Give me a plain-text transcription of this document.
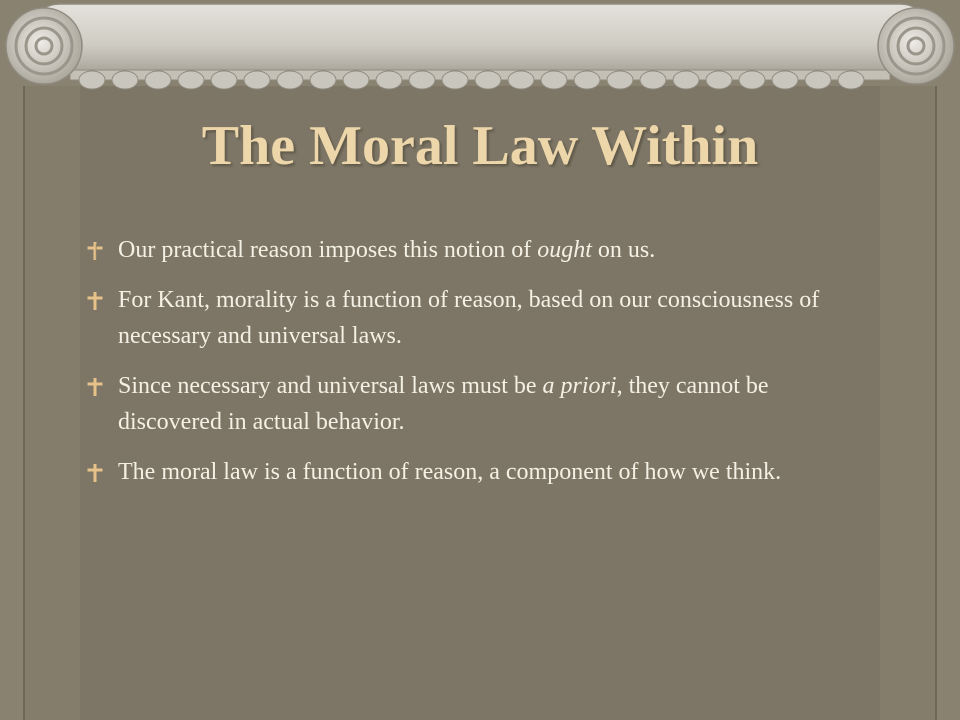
The Moral Law Within
Our practical reason imposes this notion of ought on us.
For Kant, morality is a function of reason, based on our consciousness of necessary and universal laws.
Since necessary and universal laws must be a priori, they cannot be discovered in actual behavior.
The moral law is a function of reason, a component of how we think.
